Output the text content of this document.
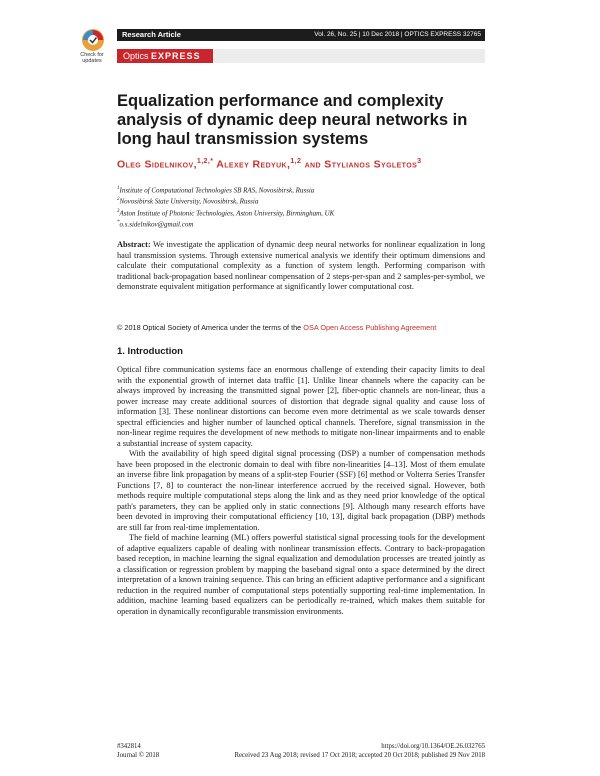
Check for updates
Research Article	Vol. 26, No. 25 | 10 Dec 2018 | OPTICS EXPRESS 32765
Optics EXPRESS
Equalization performance and complexity analysis of dynamic deep neural networks in long haul transmission systems

Oleg Sidelnikov,$^{1,2,*}$ Alexey Redyuk,$^{1,2}$ and Stylianos Sygletos$^3$

$^1$Institute of Computational Technologies SB RAS, Novosibirsk, Russia
$^2$Novosibirsk State University, Novosibirsk, Russia
$^3$Aston Institute of Photonic Technologies, Aston University, Birmingham, UK
*o.s.sidelnikov@gmail.com

Abstract: We investigate the application of dynamic deep neural networks for nonlinear equalization in long haul transmission systems. Through extensive numerical analysis we identify their optimum dimensions and calculate their computational complexity as a function of system length. Performing comparison with traditional back-propagation based nonlinear compensation of 2 steps-per-span and 2 samples-per-symbol, we demonstrate equivalent mitigation performance at significantly lower computational cost.

© 2018 Optical Society of America under the terms of the OSA Open Access Publishing Agreement

1. Introduction

Optical fibre communication systems face an enormous challenge of extending their capacity limits to deal with the exponential growth of internet data traffic [1]. Unlike linear channels where the capacity can be always improved by increasing the transmitted signal power [2], fiber-optic channels are non-linear, thus a power increase may create additional sources of distortion that degrade signal quality and cause loss of information [3]. These nonlinear distortions can become even more detrimental as we scale towards denser spectral efficiencies and higher number of launched optical channels. Therefore, signal transmission in the non-linear regime requires the development of new methods to mitigate non-linear impairments and to enable a substantial increase of system capacity.

With the availability of high speed digital signal processing (DSP) a number of compensation methods have been proposed in the electronic domain to deal with fibre non-linearities [4–13]. Most of them emulate an inverse fibre link propagation by means of a split-step Fourier (SSF) [6] method or Volterra Series Transfer Functions [7, 8] to counteract the non-linear interference accrued by the received signal. However, both methods require multiple computational steps along the link and as they need prior knowledge of the optical path's parameters, they can be applied only in static connections [9]. Although many research efforts have been devoted in improving their computational efficiency [10, 13], digital back propagation (DBP) methods are still far from real-time implementation.

The field of machine learning (ML) offers powerful statistical signal processing tools for the development of adaptive equalizers capable of dealing with nonlinear transmission effects. Contrary to back-propagation based reception, in machine learning the signal equalization and demodulation processes are treated jointly as a classification or regression problem by mapping the baseband signal onto a space determined by the direct interpretation of a known training sequence. This can bring an efficient adaptive performance and a significant reduction in the required number of computational steps potentially supporting real-time implementation. In addition, machine learning based equalizers can be periodically re-trained, which makes them suitable for operation in dynamically reconfigurable transmission environments.

#342814	https://doi.org/10.1364/OE.26.032765
Journal © 2018	Received 23 Aug 2018; revised 17 Oct 2018; accepted 20 Oct 2018; published 29 Nov 2018
